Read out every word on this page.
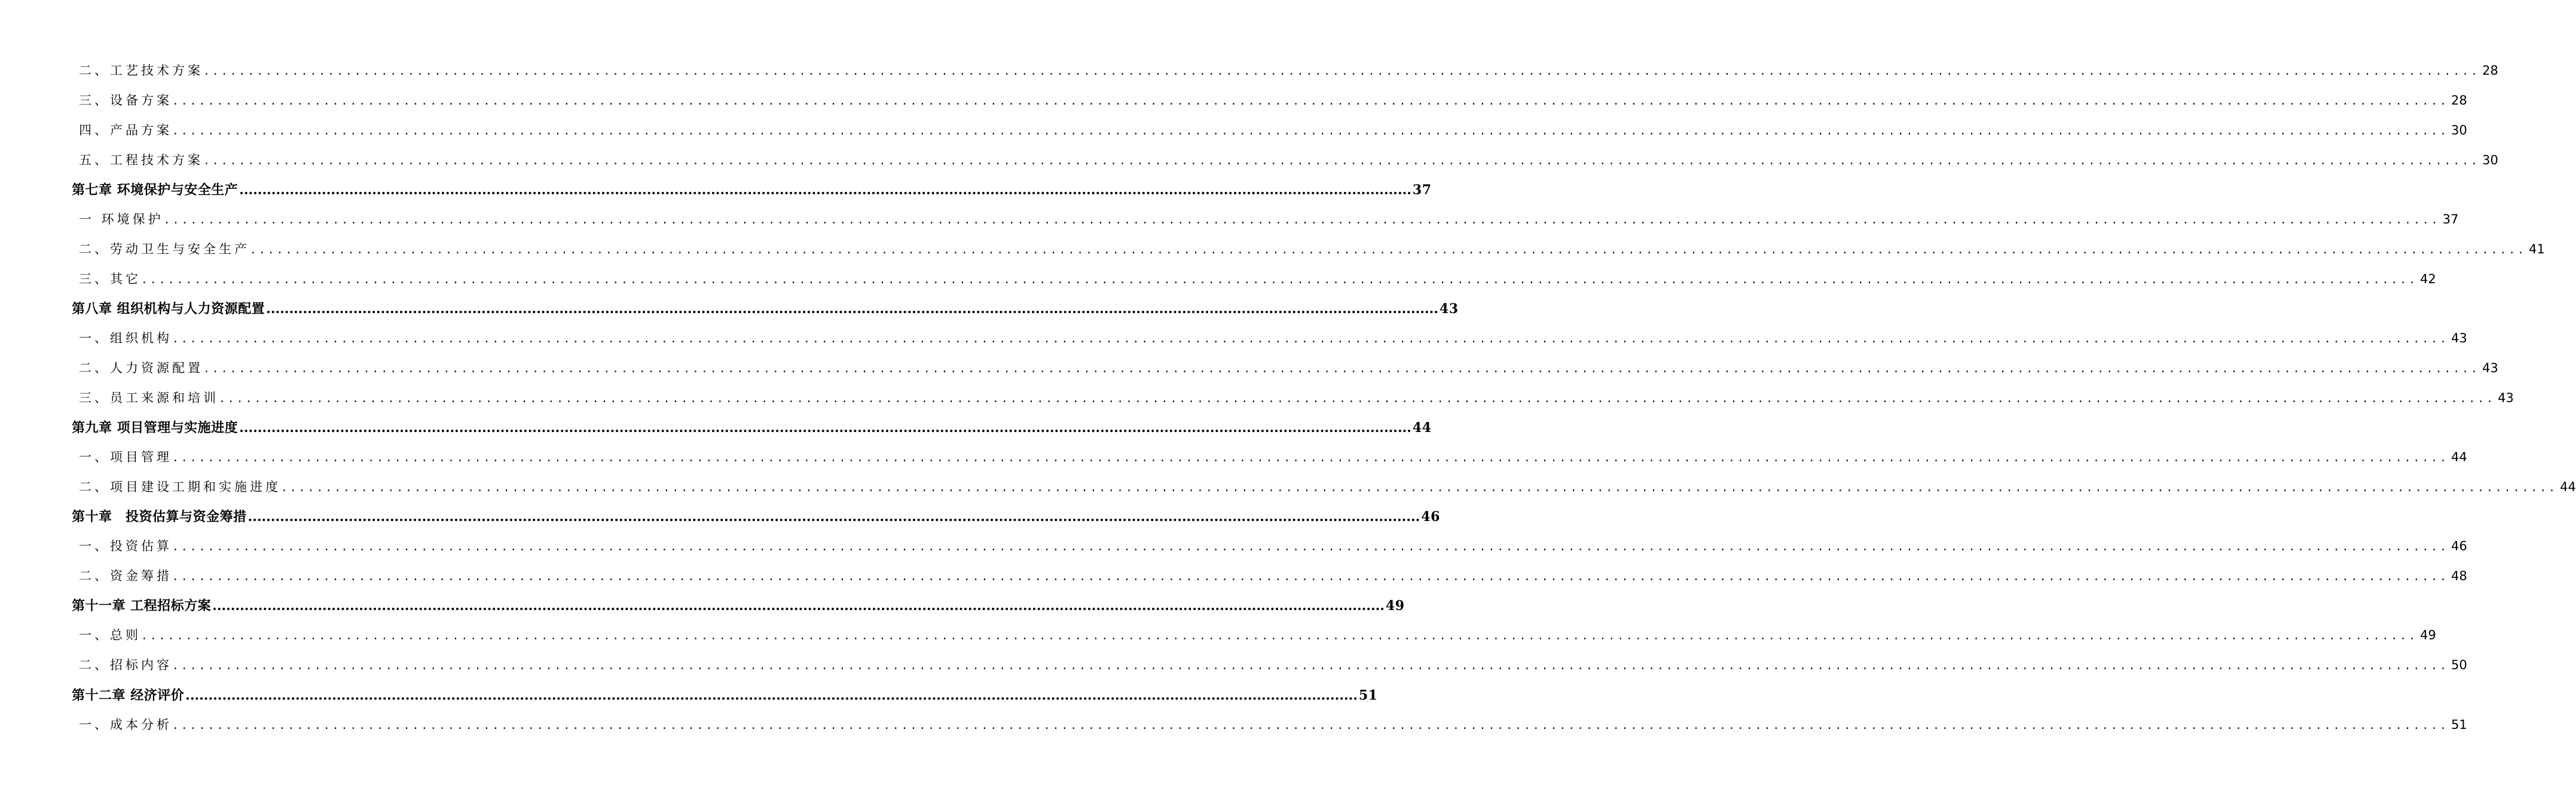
二、工艺技术方案 ................................................................................................................................................................................................................................................................ 28
三、设备方案 ................................................................................................................................................................................................................................................................ 28
四、产品方案 ................................................................................................................................................................................................................................................................ 30
五、工程技术方案 ................................................................................................................................................................................................................................................................ 30
第七章 环境保护与安全生产 ................................................................................................................................................................................................................................................................ 37
一 环境保护 ................................................................................................................................................................................................................................................................ 37
二、劳动卫生与安全生产 ................................................................................................................................................................................................................................................................ 41
三、其它 ................................................................................................................................................................................................................................................................ 42
第八章 组织机构与人力资源配置 ................................................................................................................................................................................................................................................................ 43
一、组织机构 ................................................................................................................................................................................................................................................................ 43
二、人力资源配置 ................................................................................................................................................................................................................................................................ 43
三、员工来源和培训 ................................................................................................................................................................................................................................................................ 43
第九章 项目管理与实施进度 ................................................................................................................................................................................................................................................................ 44
一、项目管理 ................................................................................................................................................................................................................................................................ 44
二、项目建设工期和实施进度 ................................................................................................................................................................................................................................................................ 44
第十章　投资估算与资金筹措 ................................................................................................................................................................................................................................................................ 46
一、投资估算 ................................................................................................................................................................................................................................................................ 46
二、资金筹措 ................................................................................................................................................................................................................................................................ 48
第十一章 工程招标方案 ................................................................................................................................................................................................................................................................ 49
一、总则 ................................................................................................................................................................................................................................................................ 49
二、招标内容 ................................................................................................................................................................................................................................................................ 50
第十二章 经济评价 ................................................................................................................................................................................................................................................................ 51
一、成本分析 ................................................................................................................................................................................................................................................................ 51
